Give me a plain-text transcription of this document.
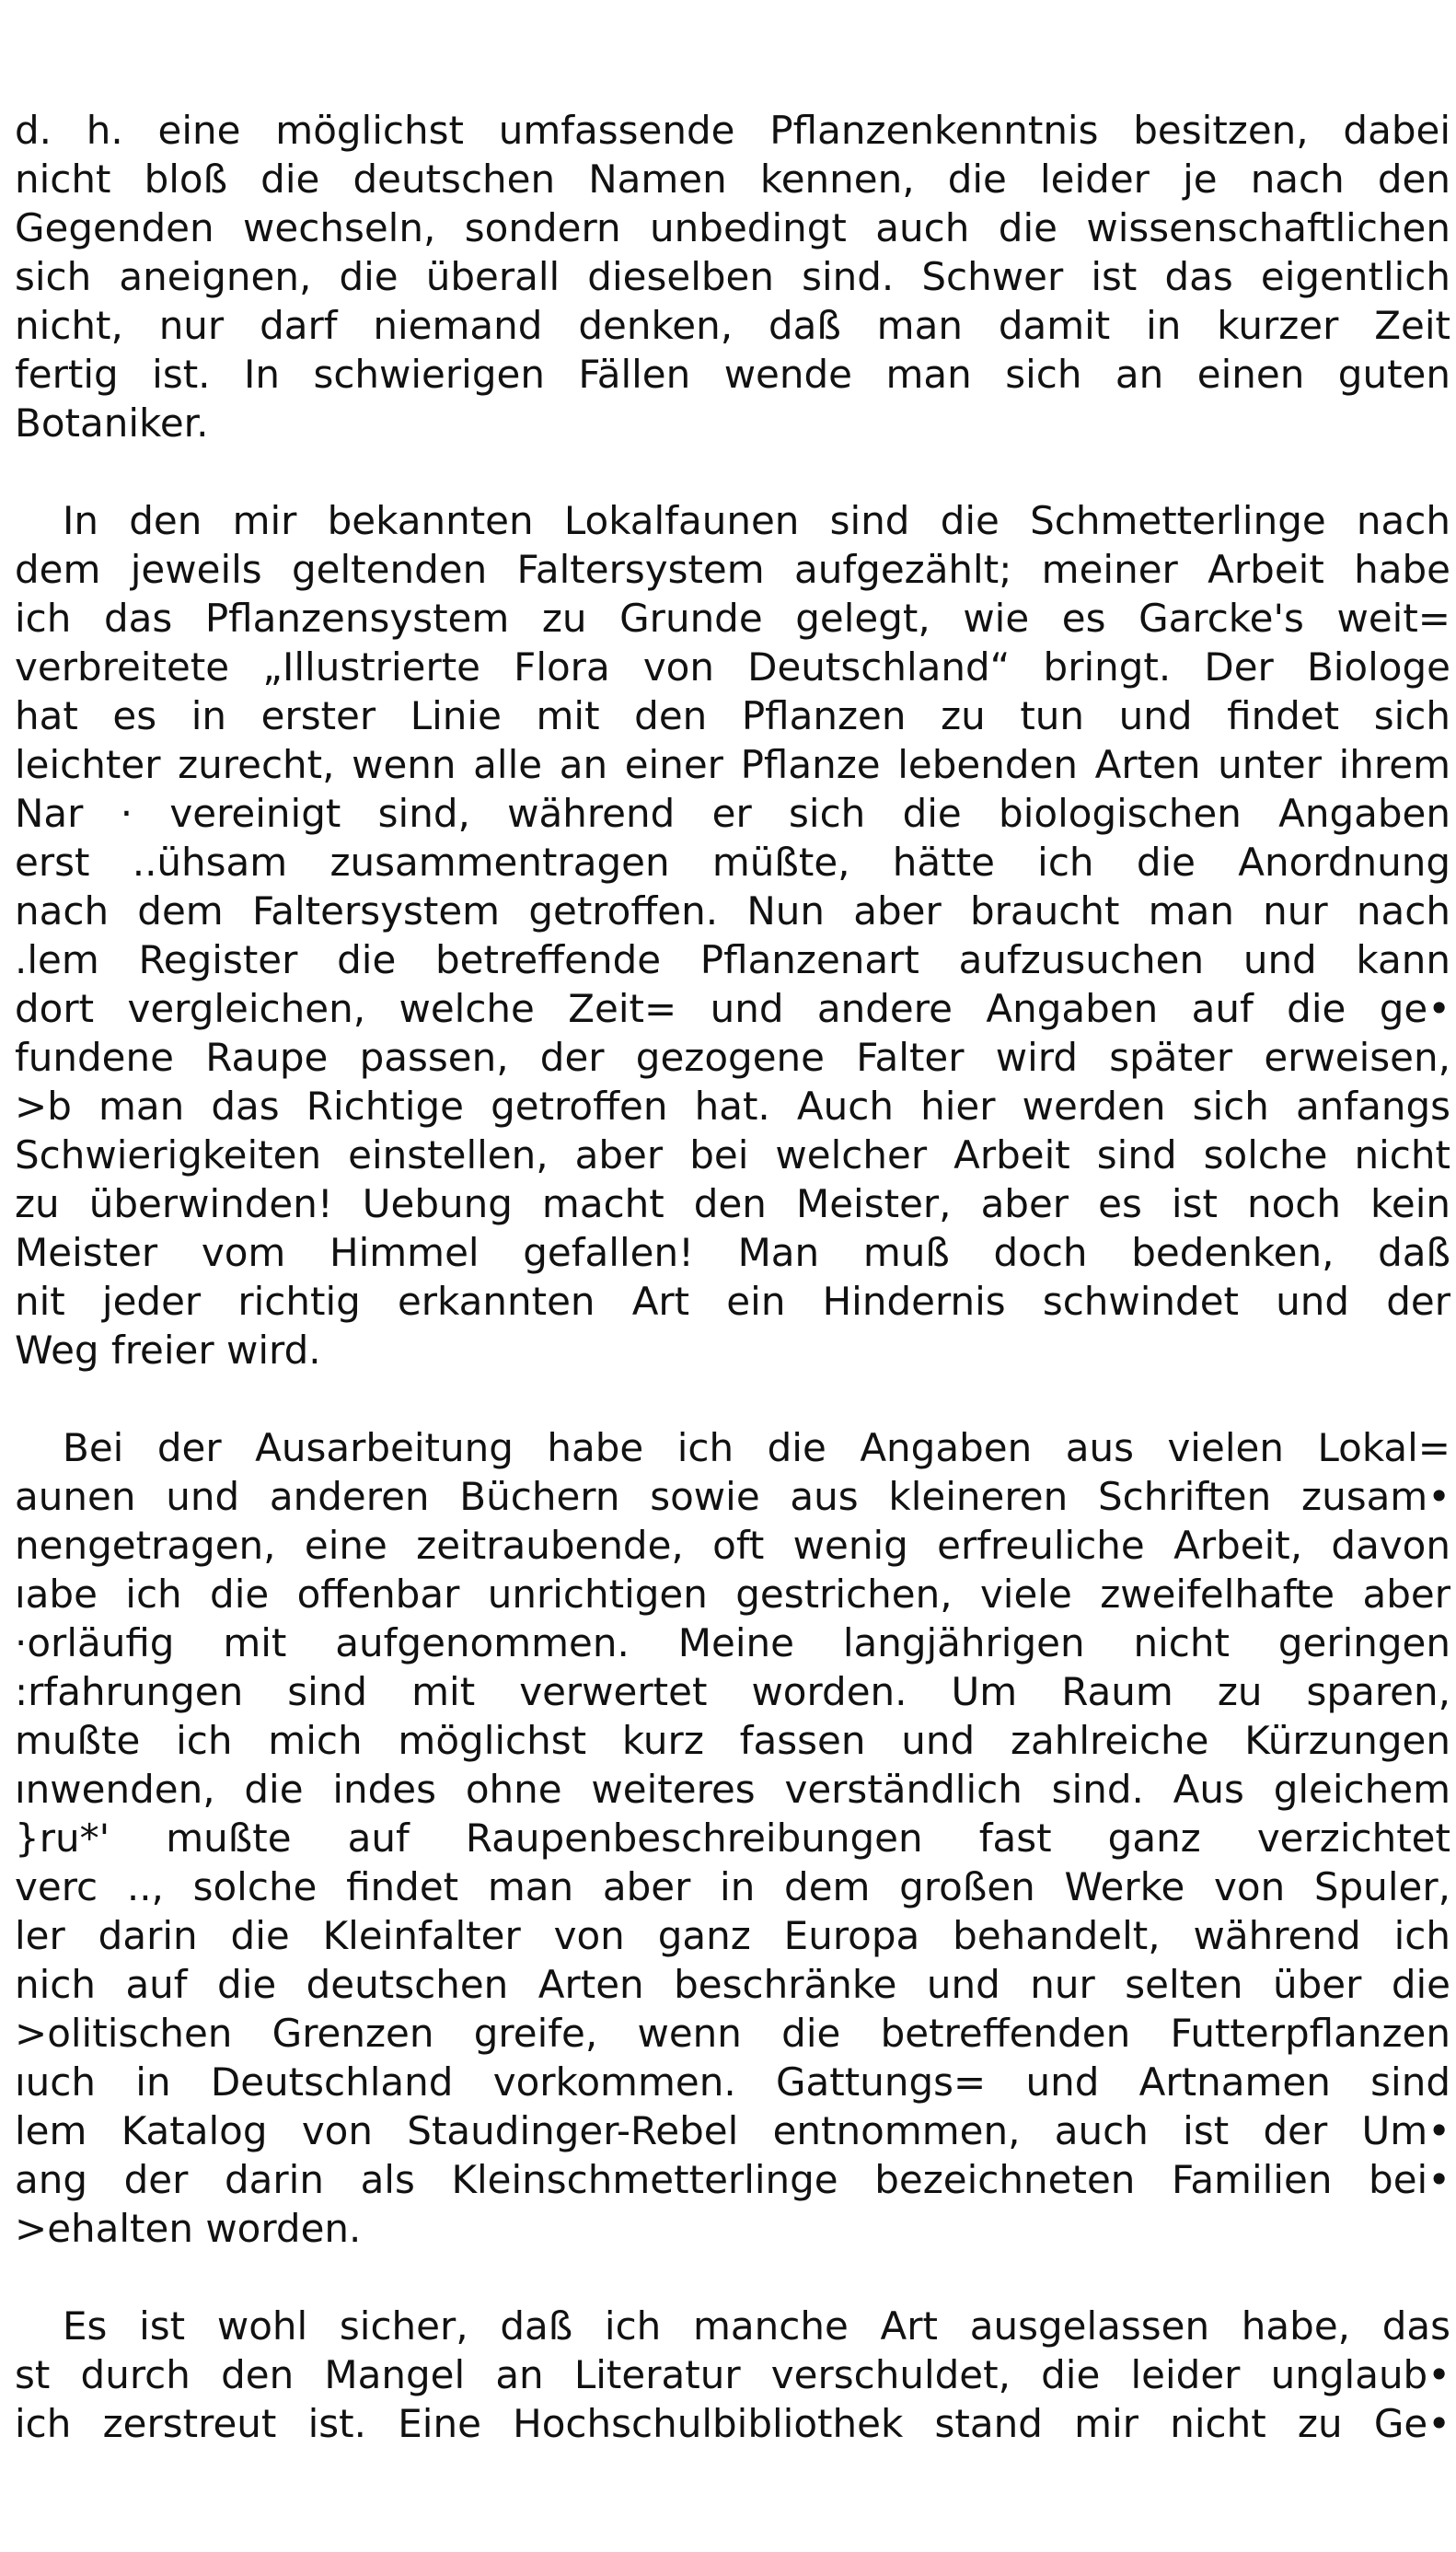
d. h. eine möglichst umfassende Pflanzenkenntnis besitzen, dabei
nicht bloß die deutschen Namen kennen, die leider je nach den
Gegenden wechseln, sondern unbedingt auch die wissenschaftlichen
sich aneignen, die überall dieselben sind. Schwer ist das eigentlich
nicht, nur darf niemand denken, daß man damit in kurzer Zeit
fertig ist. In schwierigen Fällen wende man sich an einen guten
Botaniker.
In den mir bekannten Lokalfaunen sind die Schmetterlinge nach
dem jeweils geltenden Faltersystem aufgezählt; meiner Arbeit habe
ich das Pflanzensystem zu Grunde gelegt, wie es Garcke's weit=
verbreitete „Illustrierte Flora von Deutschland“ bringt. Der Biologe
hat es in erster Linie mit den Pflanzen zu tun und findet sich
leichter zurecht, wenn alle an einer Pflanze lebenden Arten unter ihrem
Nar · vereinigt sind, während er sich die biologischen Angaben
erst ..ühsam zusammentragen müßte, hätte ich die Anordnung
nach dem Faltersystem getroffen. Nun aber braucht man nur nach
.lem Register die betreffende Pflanzenart aufzusuchen und kann
dort vergleichen, welche Zeit= und andere Angaben auf die ge•
fundene Raupe passen, der gezogene Falter wird später erweisen,
>b man das Richtige getroffen hat. Auch hier werden sich anfangs
Schwierigkeiten einstellen, aber bei welcher Arbeit sind solche nicht
zu überwinden! Uebung macht den Meister, aber es ist noch kein
Meister vom Himmel gefallen! Man muß doch bedenken, daß
nit jeder richtig erkannten Art ein Hindernis schwindet und der
Weg freier wird.
Bei der Ausarbeitung habe ich die Angaben aus vielen Lokal=
aunen und anderen Büchern sowie aus kleineren Schriften zusam•
nengetragen, eine zeitraubende, oft wenig erfreuliche Arbeit, davon
ıabe ich die offenbar unrichtigen gestrichen, viele zweifelhafte aber
·orläufig mit aufgenommen. Meine langjährigen nicht geringen
:rfahrungen sind mit verwertet worden. Um Raum zu sparen,
mußte ich mich möglichst kurz fassen und zahlreiche Kürzungen
ınwenden, die indes ohne weiteres verständlich sind. Aus gleichem
}ru*' mußte auf Raupenbeschreibungen fast ganz verzichtet
verc .., solche findet man aber in dem großen Werke von Spuler,
ler darin die Kleinfalter von ganz Europa behandelt, während ich
nich auf die deutschen Arten beschränke und nur selten über die
>olitischen Grenzen greife, wenn die betreffenden Futterpflanzen
ıuch in Deutschland vorkommen. Gattungs= und Artnamen sind
lem Katalog von Staudinger-Rebel entnommen, auch ist der Um•
ang der darin als Kleinschmetterlinge bezeichneten Familien bei•
>ehalten worden.
Es ist wohl sicher, daß ich manche Art ausgelassen habe, das
st durch den Mangel an Literatur verschuldet, die leider unglaub•
ich zerstreut ist. Eine Hochschulbibliothek stand mir nicht zu Ge•
